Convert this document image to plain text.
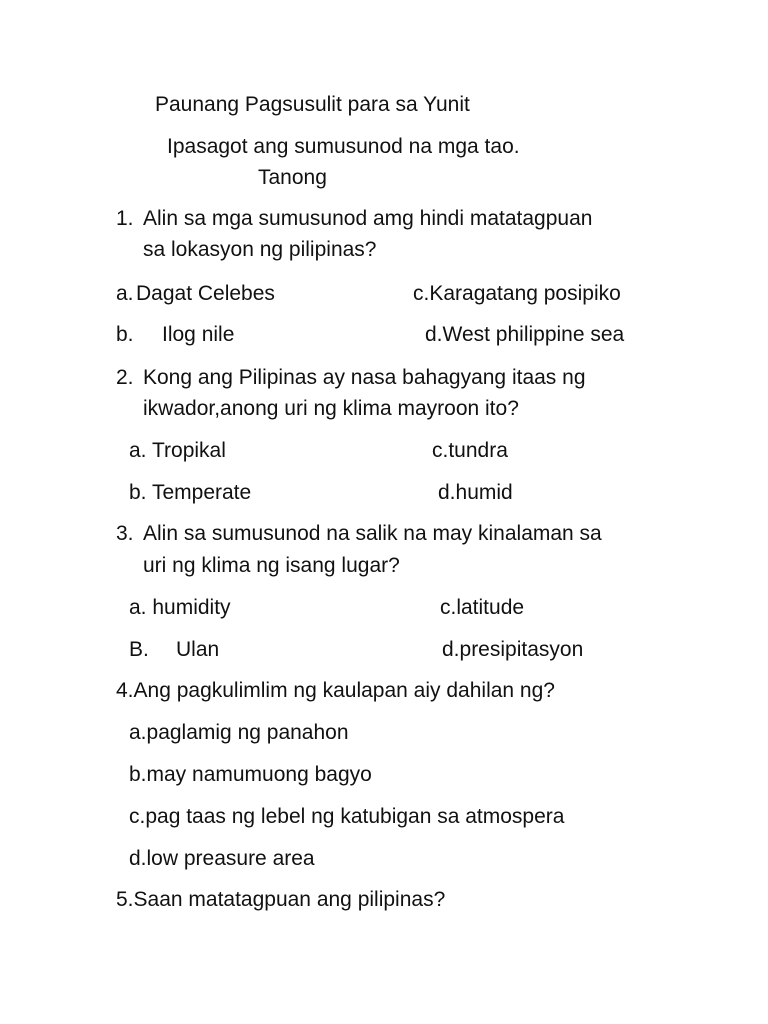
Paunang Pagsusulit para sa Yunit
Ipasagot ang sumusunod na mga tao.
Tanong
1. Alin sa mga sumusunod amg hindi matatagpuan
sa lokasyon ng pilipinas?
a. Dagat Celebes	c.Karagatang posipiko
b. Ilog nile	d.West philippine sea
2. Kong ang Pilipinas ay nasa bahagyang itaas ng
ikwador,anong uri ng klima mayroon ito?
a. Tropikal	c.tundra
b. Temperate	d.humid
3. Alin sa sumusunod na salik na may kinalaman sa
uri ng klima ng isang lugar?
a. humidity	c.latitude
B. Ulan	d.presipitasyon
4.Ang pagkulimlim ng kaulapan aiy dahilan ng?
a.paglamig ng panahon
b.may namumuong bagyo
c.pag taas ng lebel ng katubigan sa atmospera
d.low preasure area
5.Saan matatagpuan ang pilipinas?
